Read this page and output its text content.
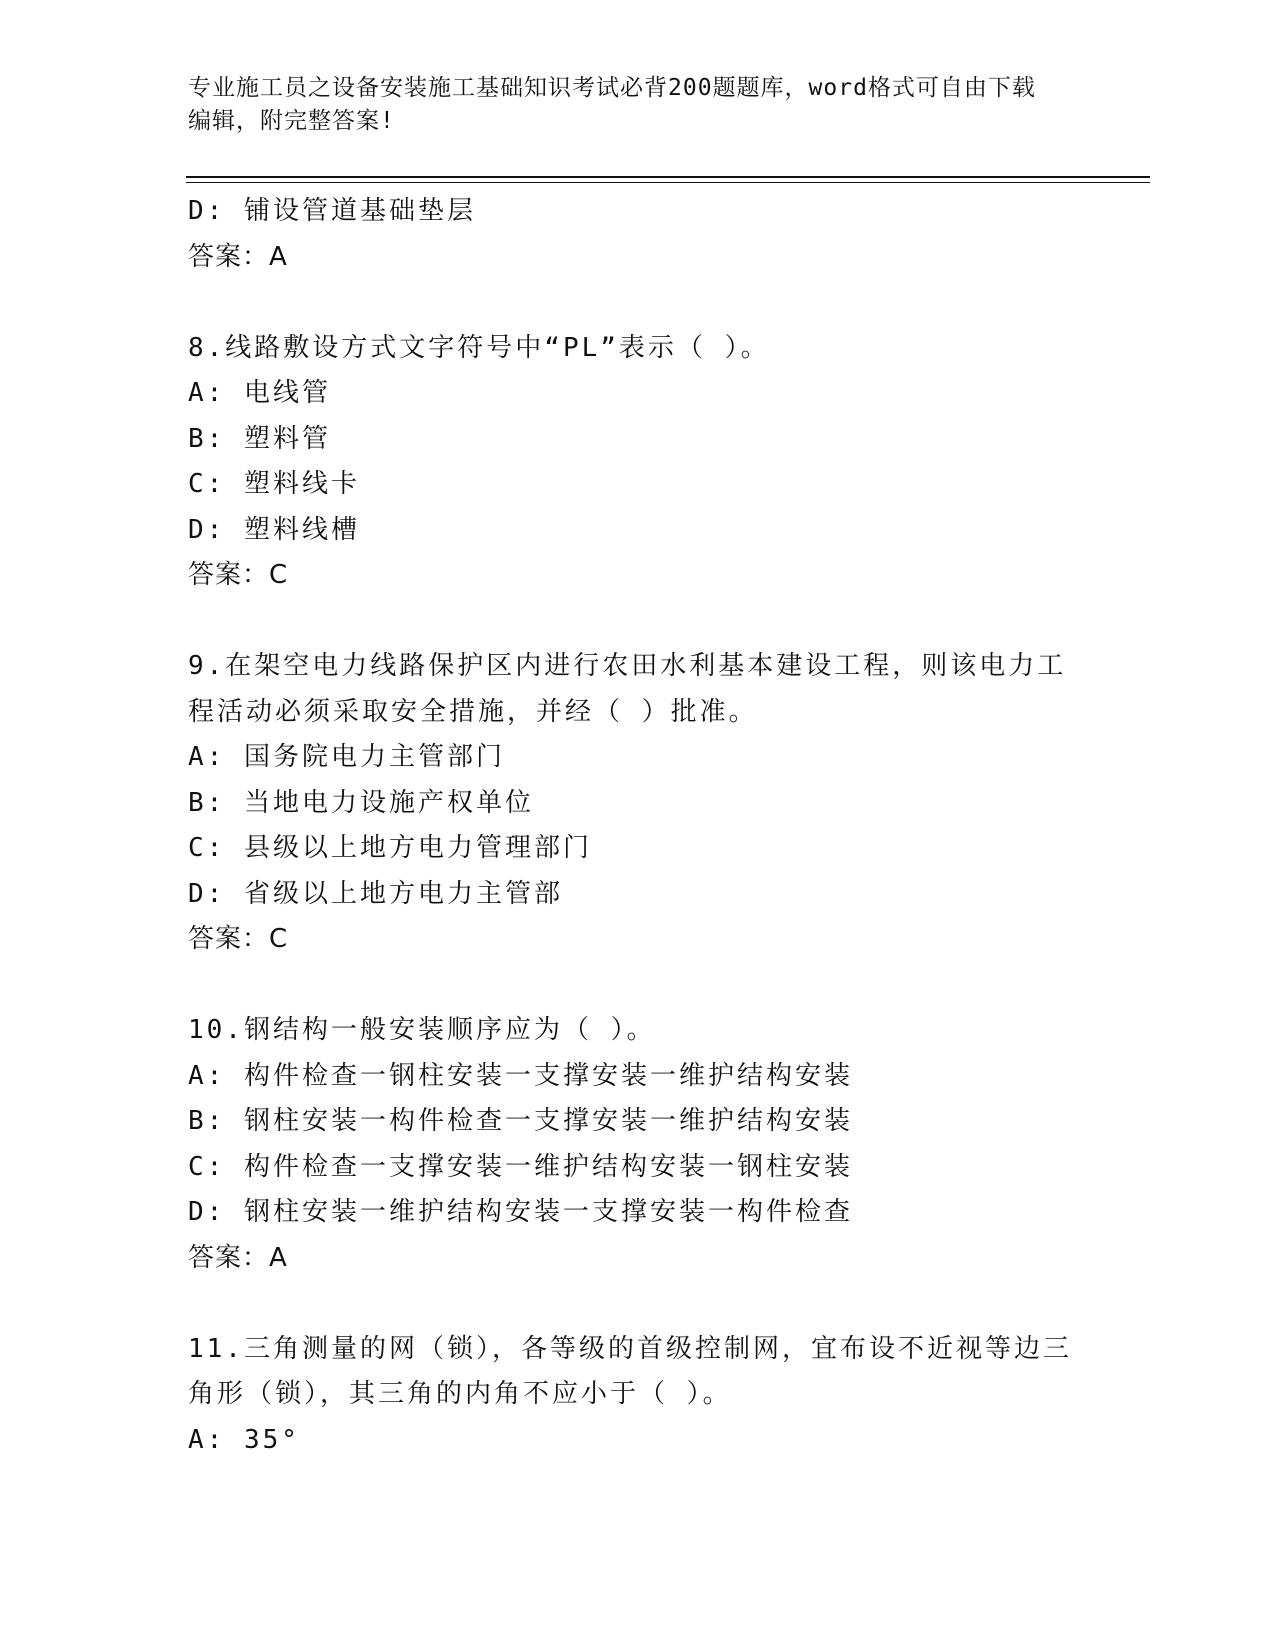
专业施工员之设备安装施工基础知识考试必背200题题库，word格式可自由下载
编辑，附完整答案!
D: 铺设管道基础垫层
答案：A
8.线路敷设方式文字符号中“PL”表示（ ）。
A: 电线管
B: 塑料管
C: 塑料线卡
D: 塑料线槽
答案：C
9.在架空电力线路保护区内进行农田水利基本建设工程，则该电力工
程活动必须采取安全措施，并经（ ）批准。
A: 国务院电力主管部门
B: 当地电力设施产权单位
C: 县级以上地方电力管理部门
D: 省级以上地方电力主管部
答案：C
10.钢结构一般安装顺序应为（ ）。
A: 构件检查一钢柱安装一支撑安装一维护结构安装
B: 钢柱安装一构件检查一支撑安装一维护结构安装
C: 构件检查一支撑安装一维护结构安装一钢柱安装
D: 钢柱安装一维护结构安装一支撑安装一构件检查
答案：A
11.三角测量的网（锁），各等级的首级控制网，宜布设不近视等边三
角形（锁），其三角的内角不应小于（ ）。
A: 35°
